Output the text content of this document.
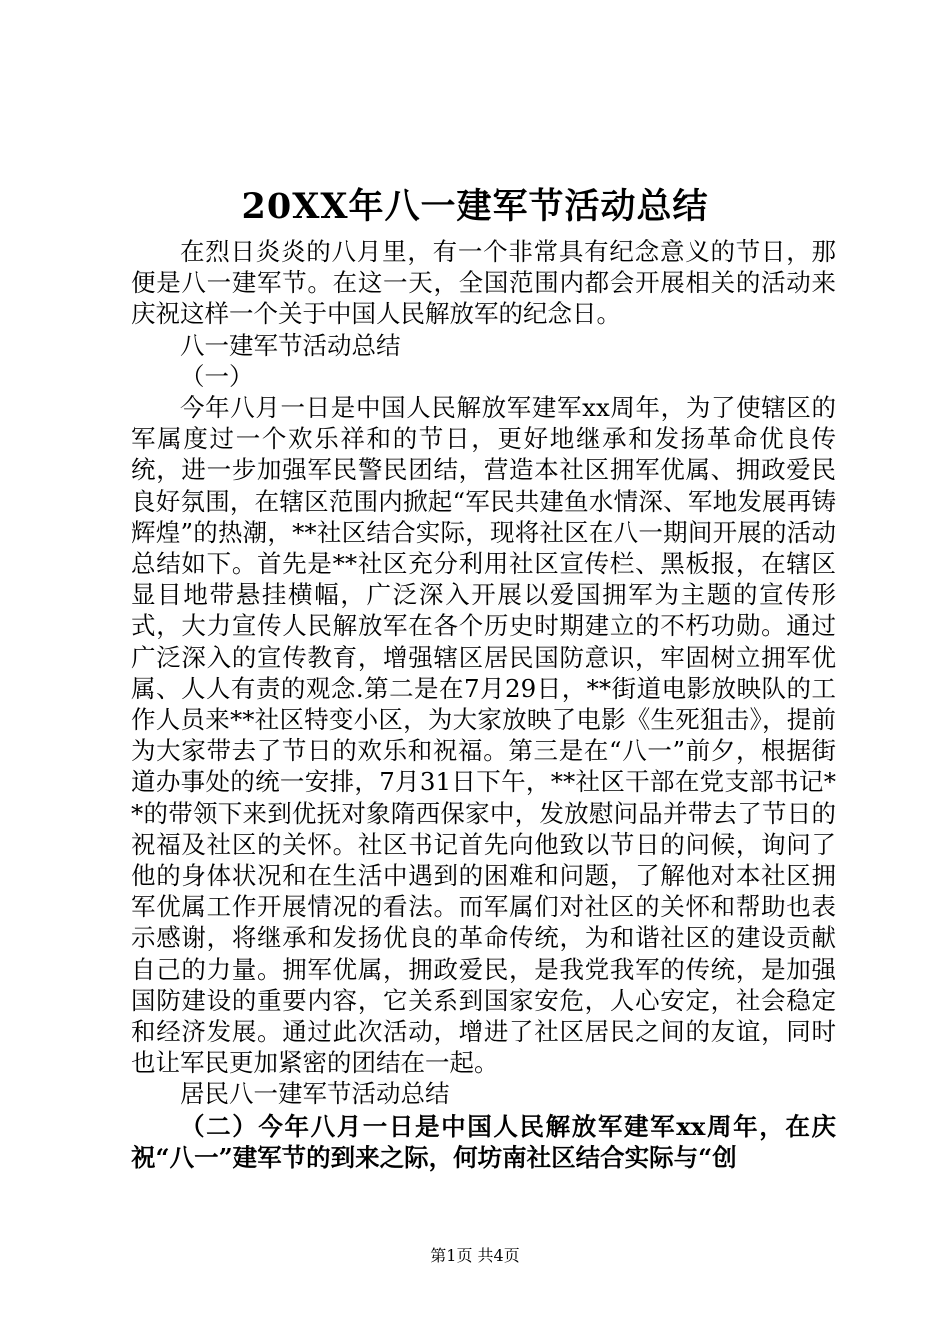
20XX年八一建军节活动总结

在烈日炎炎的八月里，有一个非常具有纪念意义的节日，那便是八一建军节。在这一天，全国范围内都会开展相关的活动来庆祝这样一个关于中国人民解放军的纪念日。

八一建军节活动总结

（一）

今年八月一日是中国人民解放军建军xx周年，为了使辖区的军属度过一个欢乐祥和的节日，更好地继承和发扬革命优良传统，进一步加强军民警民团结，营造本社区拥军优属、拥政爱民良好氛围，在辖区范围内掀起“军民共建鱼水情深、军地发展再铸辉煌”的热潮，**社区结合实际，现将社区在八一期间开展的活动总结如下。首先是**社区充分利用社区宣传栏、黑板报，在辖区显目地带悬挂横幅，广泛深入开展以爱国拥军为主题的宣传形式，大力宣传人民解放军在各个历史时期建立的不朽功勋。通过广泛深入的宣传教育，增强辖区居民国防意识，牢固树立拥军优属、人人有责的观念.第二是在7月29日，**街道电影放映队的工作人员来**社区特变小区，为大家放映了电影《生死狙击》，提前为大家带去了节日的欢乐和祝福。第三是在“八一”前夕，根据街道办事处的统一安排，7月31日下午，**社区干部在党支部书记**的带领下来到优抚对象隋西保家中，发放慰问品并带去了节日的祝福及社区的关怀。社区书记首先向他致以节日的问候，询问了他的身体状况和在生活中遇到的困难和问题，了解他对本社区拥军优属工作开展情况的看法。而军属们对社区的关怀和帮助也表示感谢，将继承和发扬优良的革命传统，为和谐社区的建设贡献自己的力量。拥军优属，拥政爱民，是我党我军的传统，是加强国防建设的重要内容，它关系到国家安危，人心安定，社会稳定和经济发展。通过此次活动，增进了社区居民之间的友谊，同时也让军民更加紧密的团结在一起。

居民八一建军节活动总结

（二）今年八月一日是中国人民解放军建军xx周年，在庆祝“八一”建军节的到来之际，何坊南社区结合实际与“创

第1页 共4页
